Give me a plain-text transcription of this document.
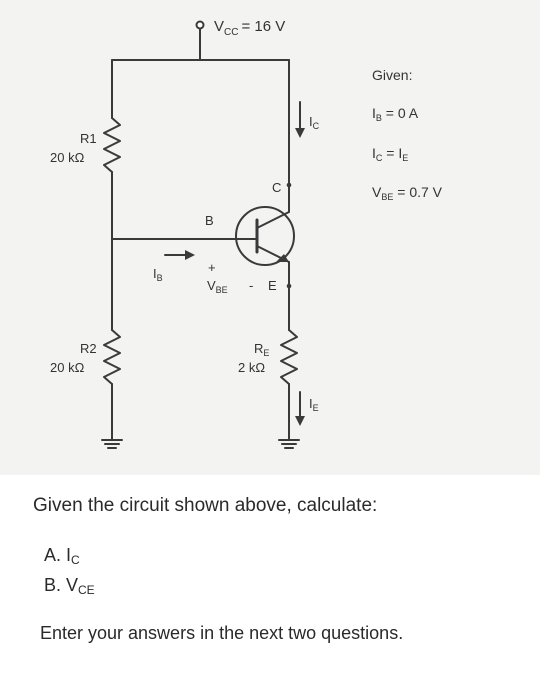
$V_{CC} = 16$ V
R1
20 kΩ
R2
20 kΩ
$R_E$
2 kΩ
C
B
E
$I_C$
$I_E$
$I_B$
+
$V_{BE}$ -
Given:
$I_B = 0$ A
$I_C = I_E$
$V_{BE} = 0.7$ V
Given the circuit shown above, calculate:
A. $I_C$
B. $V_{CE}$
Enter your answers in the next two questions.
